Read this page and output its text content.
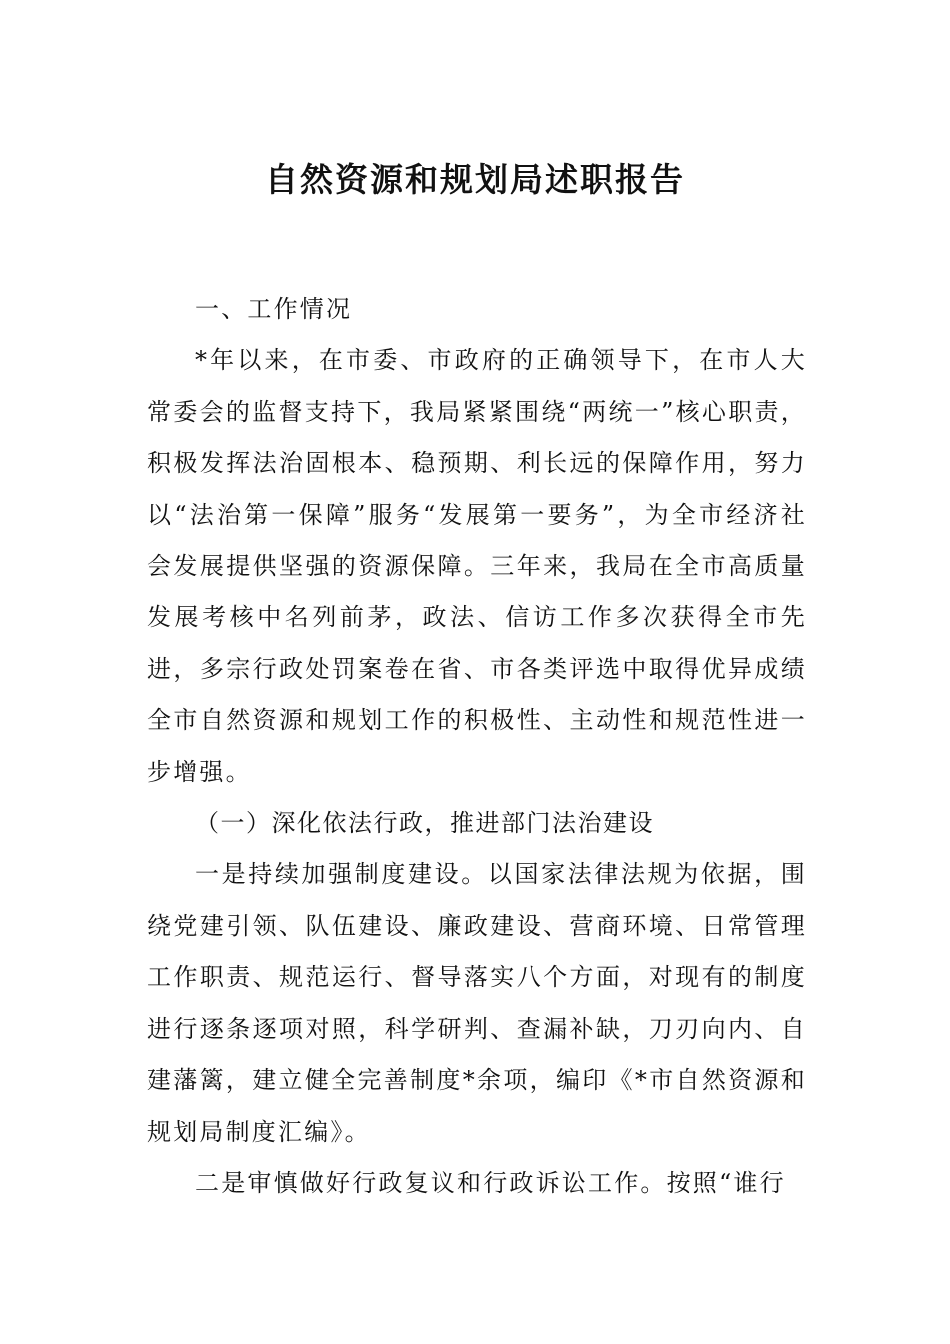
自然资源和规划局述职报告

一、工作情况

*年以来，在市委、市政府的正确领导下，在市人大常委会的监督支持下，我局紧紧围绕“两统一”核心职责，积极发挥法治固根本、稳预期、利长远的保障作用，努力以“法治第一保障”服务“发展第一要务”，为全市经济社会发展提供坚强的资源保障。三年来，我局在全市高质量发展考核中名列前茅，政法、信访工作多次获得全市先进，多宗行政处罚案卷在省、市各类评选中取得优异成绩全市自然资源和规划工作的积极性、主动性和规范性进一步增强。

（一）深化依法行政，推进部门法治建设

一是持续加强制度建设。以国家法律法规为依据，围绕党建引领、队伍建设、廉政建设、营商环境、日常管理工作职责、规范运行、督导落实八个方面，对现有的制度进行逐条逐项对照，科学研判、查漏补缺，刀刃向内、自建藩篱，建立健全完善制度*余项，编印《*市自然资源和规划局制度汇编》。

二是审慎做好行政复议和行政诉讼工作。按照“谁行
